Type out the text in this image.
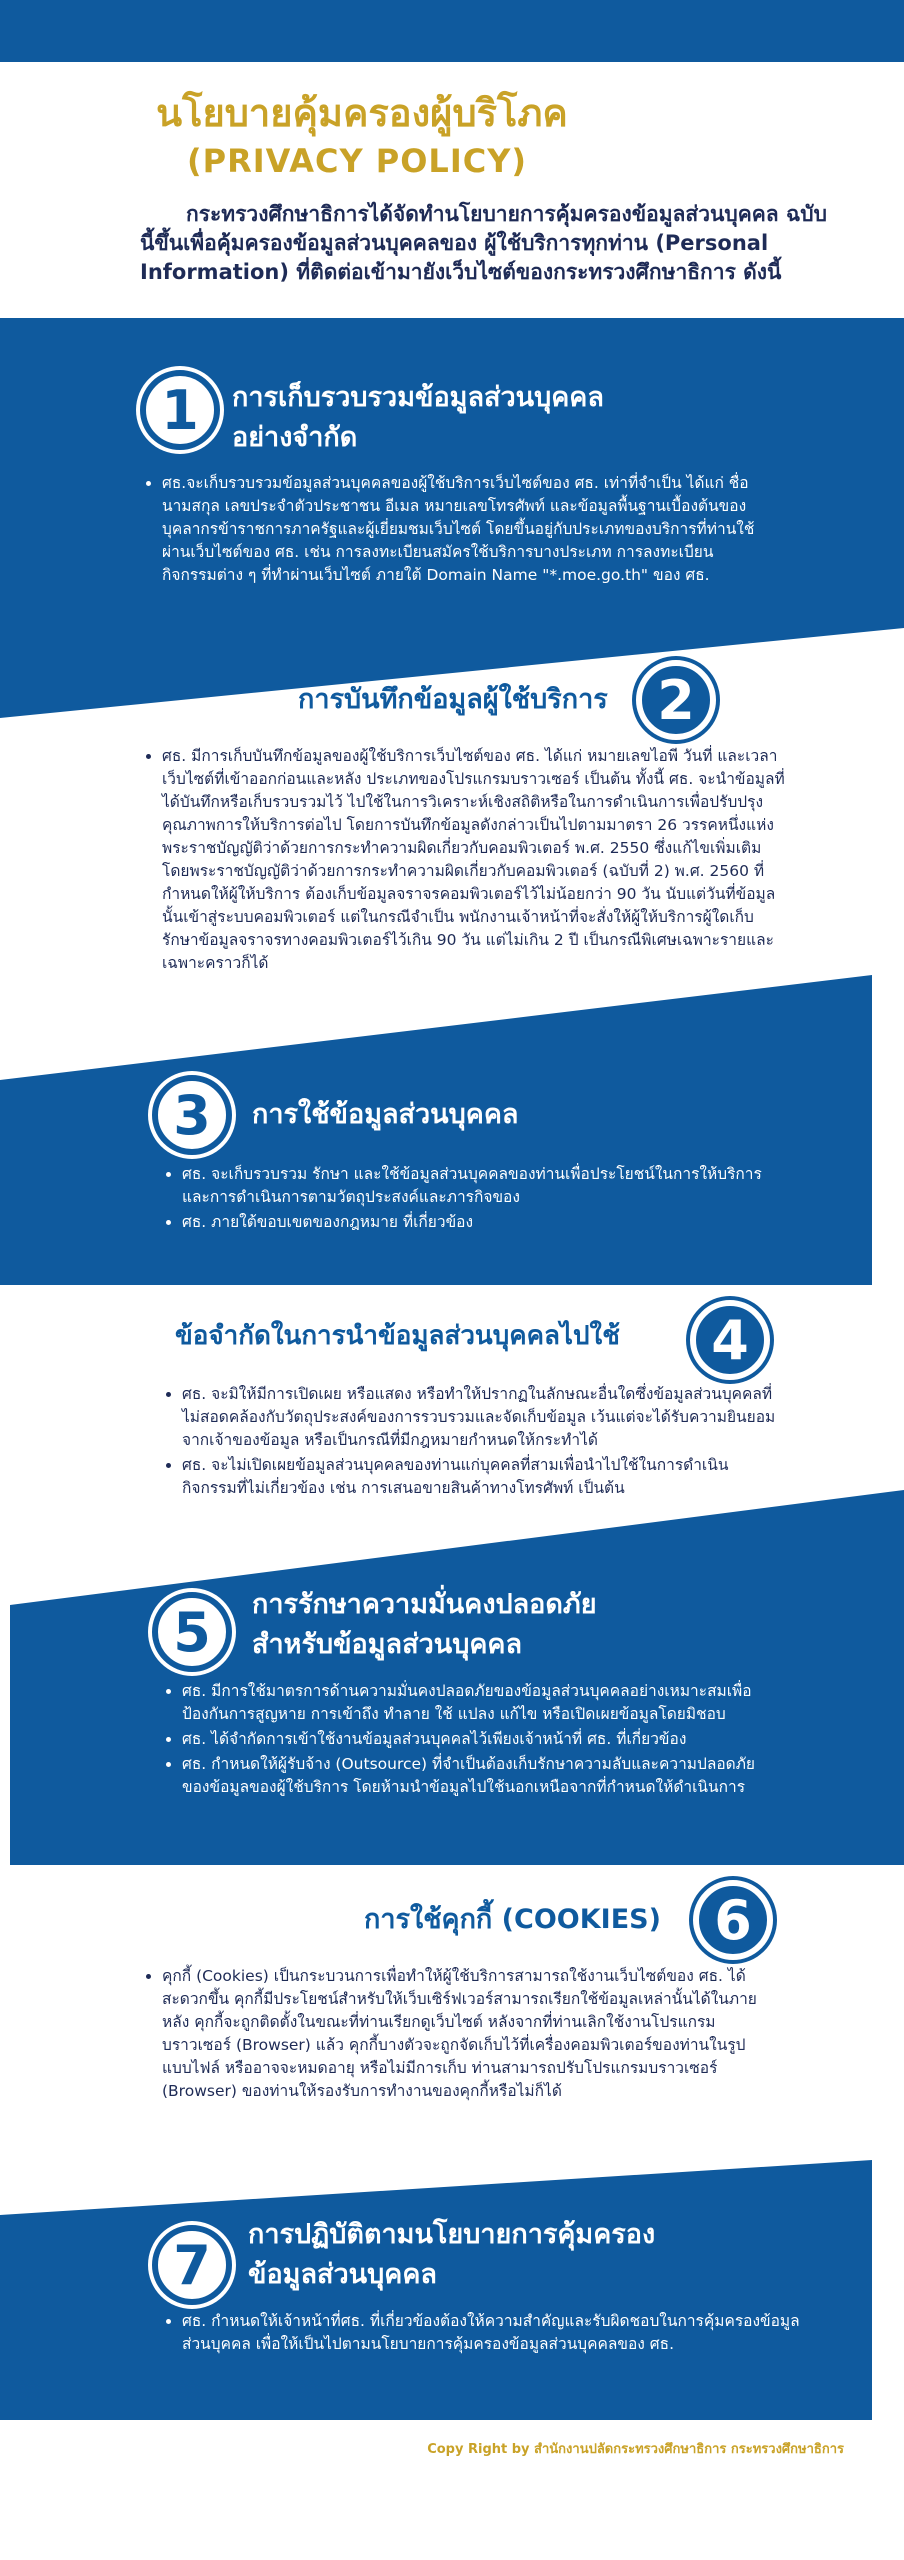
นโยบายคุ้มครองผู้บริโภค
(PRIVACY POLICY)
กระทรวงศึกษาธิการได้จัดทำนโยบายการคุ้มครองข้อมูลส่วนบุคคล ฉบับนี้ขึ้นเพื่อคุ้มครองข้อมูลส่วนบุคคลของ ผู้ใช้บริการทุกท่าน (Personal Information) ที่ติดต่อเข้ามายังเว็บไซต์ของกระทรวงศึกษาธิการ ดังนี้
1 การเก็บรวบรวมข้อมูลส่วนบุคคลอย่างจำกัด
• ศธ.จะเก็บรวบรวมข้อมูลส่วนบุคคลของผู้ใช้บริการเว็บไซต์ของ ศธ. เท่าที่จำเป็น ได้แก่ ชื่อ นามสกุล เลขประจำตัวประชาชน อีเมล หมายเลขโทรศัพท์ และข้อมูลพื้นฐานเบื้องต้นของบุคลากรข้าราชการภาครัฐและผู้เยี่ยมชมเว็บไซต์ โดยขึ้นอยู่กับประเภทของบริการที่ท่านใช้ผ่านเว็บไซต์ของ ศธ. เช่น การลงทะเบียนสมัครใช้บริการบางประเภท การลงทะเบียนกิจกรรมต่าง ๆ ที่ทำผ่านเว็บไซต์ ภายใต้ Domain Name "*.moe.go.th" ของ ศธ.
การบันทึกข้อมูลผู้ใช้บริการ 2
• ศธ. มีการเก็บบันทึกข้อมูลของผู้ใช้บริการเว็บไซต์ของ ศธ. ได้แก่ หมายเลขไอพี วันที่ และเวลาเว็บไซต์ที่เข้าออกก่อนและหลัง ประเภทของโปรแกรมบราวเซอร์ เป็นต้น ทั้งนี้ ศธ. จะนำข้อมูลที่ได้บันทึกหรือเก็บรวบรวมไว้ ไปใช้ในการวิเคราะห์เชิงสถิติหรือในการดำเนินการเพื่อปรับปรุงคุณภาพการให้บริการต่อไป โดยการบันทึกข้อมูลดังกล่าวเป็นไปตามมาตรา 26 วรรคหนึ่งแห่งพระราชบัญญัติว่าด้วยการกระทำความผิดเกี่ยวกับคอมพิวเตอร์ พ.ศ. 2550 ซึ่งแก้ไขเพิ่มเติมโดยพระราชบัญญัติว่าด้วยการกระทำความผิดเกี่ยวกับคอมพิวเตอร์ (ฉบับที่ 2) พ.ศ. 2560 ที่กำหนดให้ผู้ให้บริการ ต้องเก็บข้อมูลจราจรคอมพิวเตอร์ไว้ไม่น้อยกว่า 90 วัน นับแต่วันที่ข้อมูลนั้นเข้าสู่ระบบคอมพิวเตอร์ แต่ในกรณีจำเป็น พนักงานเจ้าหน้าที่จะสั่งให้ผู้ให้บริการผู้ใดเก็บรักษาข้อมูลจราจรทางคอมพิวเตอร์ไว้เกิน 90 วัน แต่ไม่เกิน 2 ปี เป็นกรณีพิเศษเฉพาะรายและเฉพาะคราวก็ได้
3 การใช้ข้อมูลส่วนบุคคล
• ศธ. จะเก็บรวบรวม รักษา และใช้ข้อมูลส่วนบุคคลของท่านเพื่อประโยชน์ในการให้บริการ และการดำเนินการตามวัตถุประสงค์และภารกิจของ
• ศธ. ภายใต้ขอบเขตของกฎหมาย ที่เกี่ยวข้อง
ข้อจำกัดในการนำข้อมูลส่วนบุคคลไปใช้	4
• ศธ. จะมิให้มีการเปิดเผย หรือแสดง หรือทำให้ปรากฏในลักษณะอื่นใดซึ่งข้อมูลส่วนบุคคลที่ไม่สอดคล้องกับวัตถุประสงค์ของการรวบรวมและจัดเก็บข้อมูล เว้นแต่จะได้รับความยินยอมจากเจ้าของข้อมูล หรือเป็นกรณีที่มีกฎหมายกำหนดให้กระทำได้
• ศธ. จะไม่เปิดเผยข้อมูลส่วนบุคคลของท่านแก่บุคคลที่สามเพื่อนำไปใช้ในการดำเนินกิจกรรมที่ไม่เกี่ยวข้อง เช่น การเสนอขายสินค้าทางโทรศัพท์ เป็นต้น
5 การรักษาความมั่นคงปลอดภัยสำหรับข้อมูลส่วนบุคคล
• ศธ. มีการใช้มาตรการด้านความมั่นคงปลอดภัยของข้อมูลส่วนบุคคลอย่างเหมาะสมเพื่อป้องกันการสูญหาย การเข้าถึง ทำลาย ใช้ แปลง แก้ไข หรือเปิดเผยข้อมูลโดยมิชอบ
• ศธ. ได้จำกัดการเข้าใช้งานข้อมูลส่วนบุคคลไว้เพียงเจ้าหน้าที่ ศธ. ที่เกี่ยวข้อง
• ศธ. กำหนดให้ผู้รับจ้าง (Outsource) ที่จำเป็นต้องเก็บรักษาความลับและความปลอดภัยของข้อมูลของผู้ใช้บริการ โดยห้ามนำข้อมูลไปใช้นอกเหนือจากที่กำหนดให้ดำเนินการ
การใช้คุกกี้ (COOKIES) 6
• คุกกี้ (Cookies) เป็นกระบวนการเพื่อทำให้ผู้ใช้บริการสามารถใช้งานเว็บไซต์ของ ศธ. ได้สะดวกขึ้น คุกกี้มีประโยชน์สำหรับให้เว็บเซิร์ฟเวอร์สามารถเรียกใช้ข้อมูลเหล่านั้นได้ในภายหลัง คุกกี้จะถูกติดตั้งในขณะที่ท่านเรียกดูเว็บไซต์ หลังจากที่ท่านเลิกใช้งานโปรแกรมบราวเซอร์ (Browser) แล้ว คุกกี้บางตัวจะถูกจัดเก็บไว้ที่เครื่องคอมพิวเตอร์ของท่านในรูปแบบไฟล์ หรืออาจจะหมดอายุ หรือไม่มีการเก็บ ท่านสามารถปรับโปรแกรมบราวเซอร์ (Browser) ของท่านให้รองรับการทำงานของคุกกี้หรือไม่ก็ได้
7 การปฏิบัติตามนโยบายการคุ้มครองข้อมูลส่วนบุคคล
• ศธ. กำหนดให้เจ้าหน้าที่ศธ. ที่เกี่ยวข้องต้องให้ความสำคัญและรับผิดชอบในการคุ้มครองข้อมูลส่วนบุคคล เพื่อให้เป็นไปตามนโยบายการคุ้มครองข้อมูลส่วนบุคคลของ ศธ.
Copy Right by สำนักงานปลัดกระทรวงศึกษาธิการ กระทรวงศึกษาธิการ
